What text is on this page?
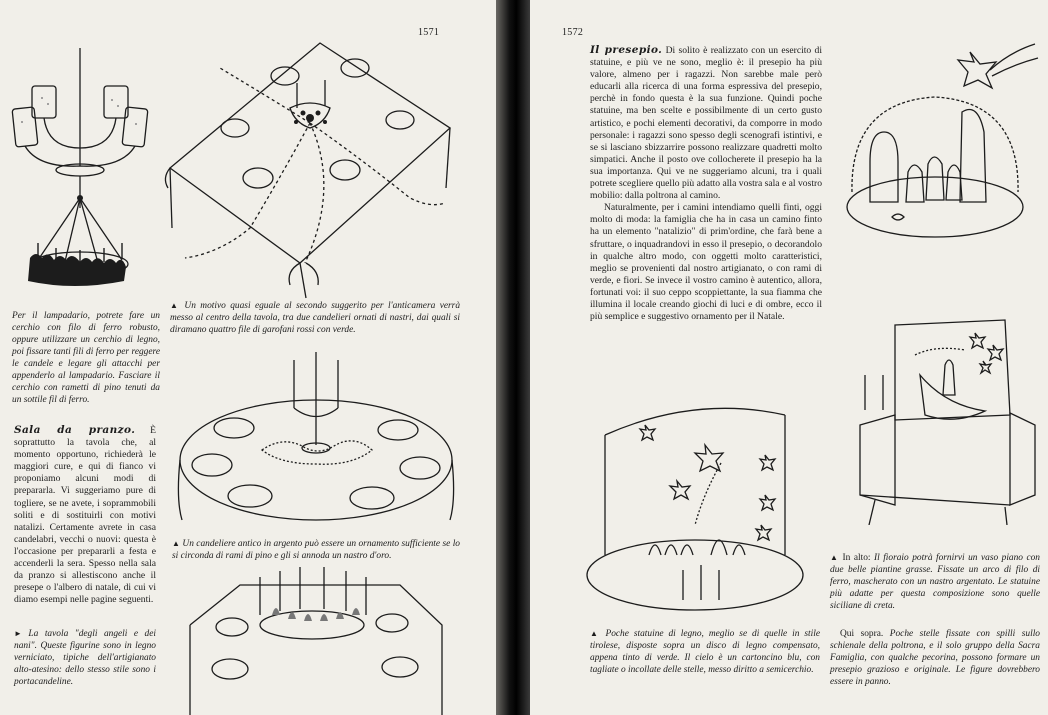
1571
Per il lampadario, potrete fare un cerchio con filo di ferro robusto, oppure utilizzare un cerchio di legno, poi fissare tanti fili di ferro per reggere le candele e legare gli attacchi per appenderlo al lampadario. Fasciare il cerchio con rametti di pino tenuti da un sottile fil di ferro.
▲ Un motivo quasi eguale al secondo suggerito per l'anticamera verrà messo al centro della tavola, tra due candelieri ornati di nastri, dai quali si diramano quattro file di garofani rossi con verde.
Sala da pranzo. È soprattutto la tavola che, al momento opportuno, richiederà le maggiori cure, e qui di fianco vi proponiamo alcuni modi di prepararla. Vi suggeriamo pure di togliere, se ne avete, i soprammobili soliti e di sostituirli con motivi natalizi. Certamente avrete in casa candelabri, vecchi o nuovi: questa è l'occasione per prepararli a festa e accenderli la sera. Spesso nella sala da pranzo si allestiscono anche il presepe o l'albero di natale, di cui vi diamo esempi nelle pagine seguenti.
► La tavola "degli angeli e dei nani". Queste figurine sono in legno verniciato, tipiche dell'artigianato alto-atesino: dello stesso stile sono i portacandeline.
▲ Un candeliere antico in argento può essere un ornamento sufficiente se lo si circonda di rami di pino e gli si annoda un nastro d'oro.
1572

Il presepio. Di solito è realizzato con un esercito di statuine, e più ve ne sono, meglio è: il presepio ha più valore, almeno per i ragazzi. Non sarebbe male però educarli alla ricerca di una forma espressiva del presepio, perchè in fondo questa è la sua funzione. Quindi poche statuine, ma ben scelte e possibilmente di un certo gusto artistico, e pochi elementi decorativi, da comporre in modo personale: i ragazzi sono spesso degli scenografi istintivi, e se si lasciano sbizzarrire possono realizzare quadretti molto simpatici. Anche il posto ove collocherete il presepio ha la sua importanza. Qui ve ne suggeriamo alcuni, tra i quali potrete scegliere quello più adatto alla vostra sala e al vostro mobilio: dalla poltrona al camino.

Naturalmente, per i camini intendiamo quelli finti, oggi molto di moda: la famiglia che ha in casa un camino finto ha un elemento "natalizio" di prim'ordine, che farà bene a sfruttare, o inquadrandovi in esso il presepio, o decorandolo in qualche altro modo, con oggetti molto caratteristici, meglio se provenienti dal nostro artigianato, o con rami di verde, e fiori. Se invece il vostro camino è autentico, allora, fortunati voi: il suo ceppo scoppiettante, la sua fiamma che illumina il locale creando giochi di luci e di ombre, ecco il più semplice e suggestivo ornamento per il Natale.

▲ In alto: Il fioraio potrà fornirvi un vaso piano con due belle piantine grasse. Fissate un arco di filo di ferro, mascherato con un nastro argentato. Le statuine più adatte per questa composizione sono quelle siciliane di creta.
▲ Poche statuine di legno, meglio se di quelle in stile tirolese, disposte sopra un disco di legno compensato, appena tinto di verde. Il cielo è un cartoncino blu, con tagliate o incollate delle stelle, messo diritto a semicerchio.
Qui sopra. Poche stelle fissate con spilli sullo schienale della poltrona, e il solo gruppo della Sacra Famiglia, con qualche pecorina, possono formare un presepio grazioso e originale. Le figure dovrebbero essere in panno.
